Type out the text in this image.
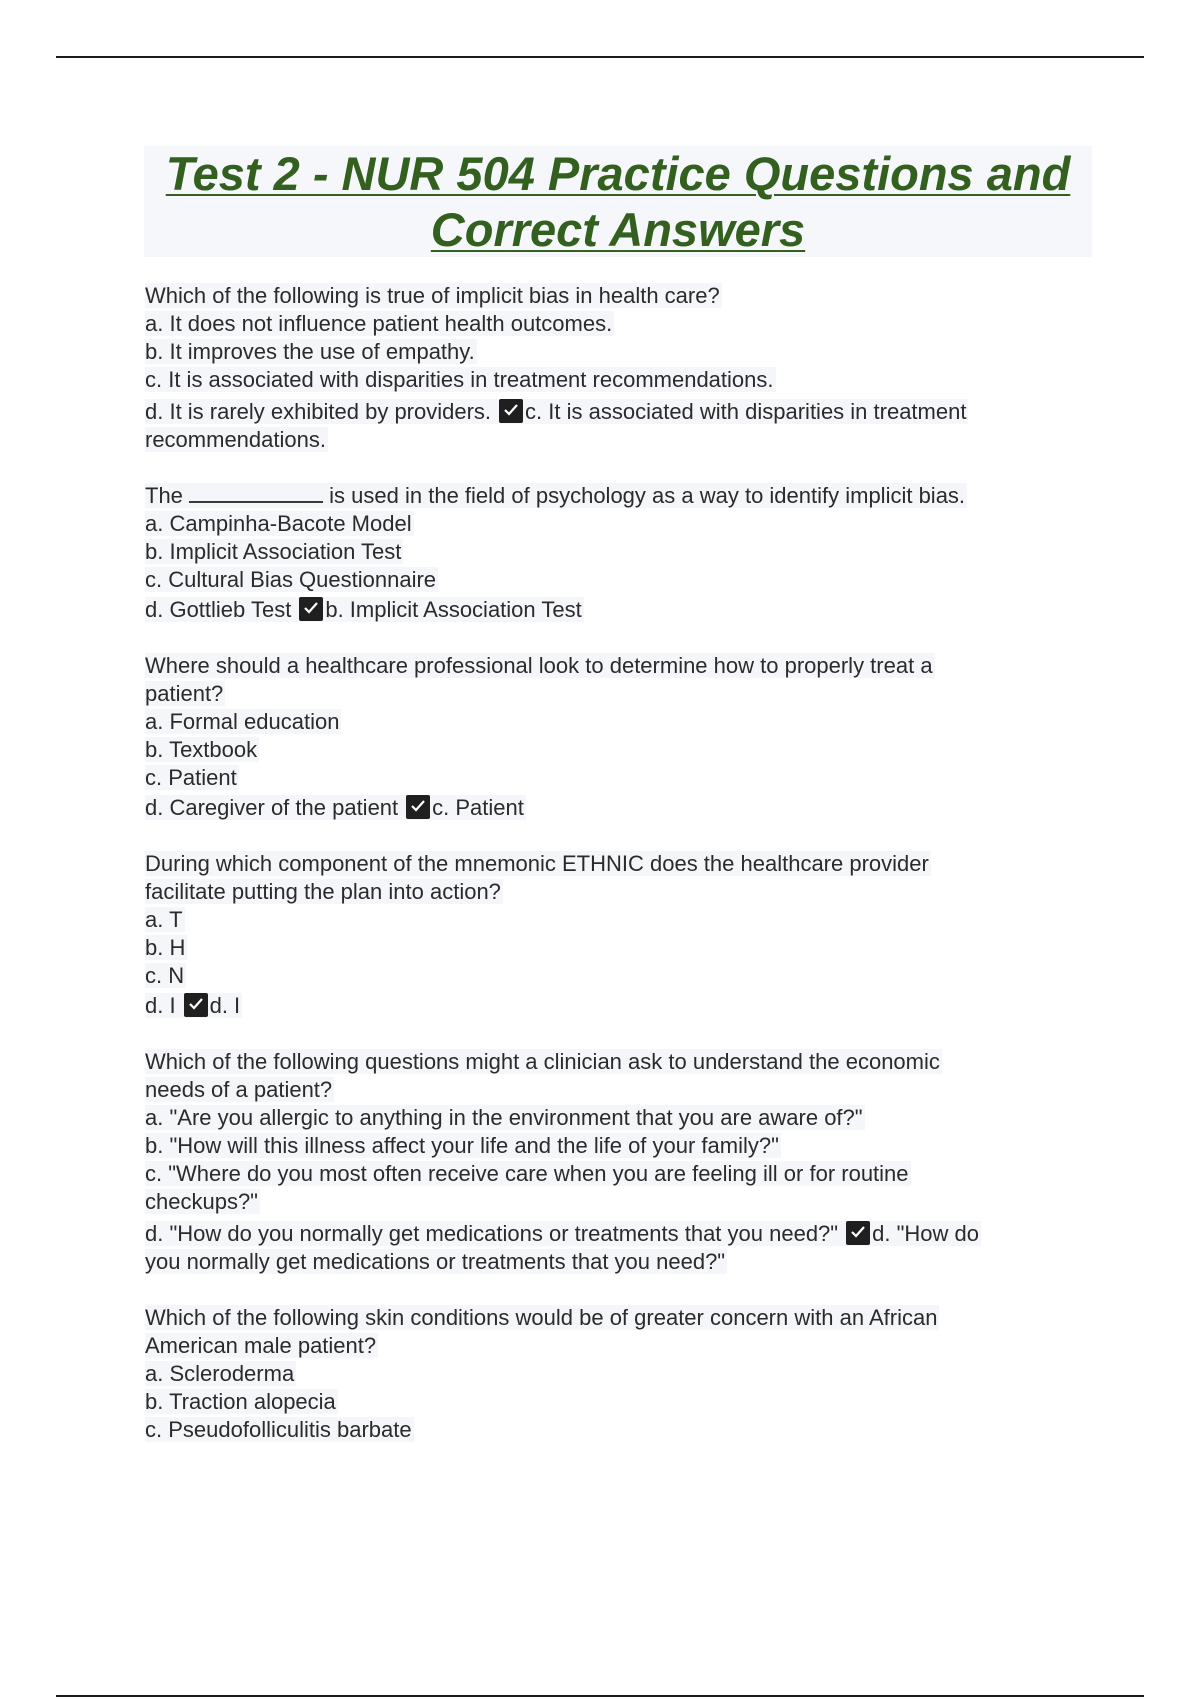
Test 2 - NUR 504 Practice Questions and
Correct Answers
Which of the following is true of implicit bias in health care?
a. It does not influence patient health outcomes.
b. It improves the use of empathy.
c. It is associated with disparities in treatment recommendations.
d. It is rarely exhibited by providers. c. It is associated with disparities in treatment
recommendations.
The	is used in the field of psychology as a way to identify implicit bias.
a. Campinha-Bacote Model
b. Implicit Association Test
c. Cultural Bias Questionnaire
d. Gottlieb Test b. Implicit Association Test
Where should a healthcare professional look to determine how to properly treat a
patient?
a. Formal education
b. Textbook
c. Patient
d. Caregiver of the patient c. Patient
During which component of the mnemonic ETHNIC does the healthcare provider
facilitate putting the plan into action?
a. T
b. H
c. N
d. I d. I
Which of the following questions might a clinician ask to understand the economic
needs of a patient?
a. "Are you allergic to anything in the environment that you are aware of?"
b. "How will this illness affect your life and the life of your family?"
c. "Where do you most often receive care when you are feeling ill or for routine
checkups?"
d. "How do you normally get medications or treatments that you need?" d. "How do
you normally get medications or treatments that you need?"
Which of the following skin conditions would be of greater concern with an African
American male patient?
a. Scleroderma
b. Traction alopecia
c. Pseudofolliculitis barbate
